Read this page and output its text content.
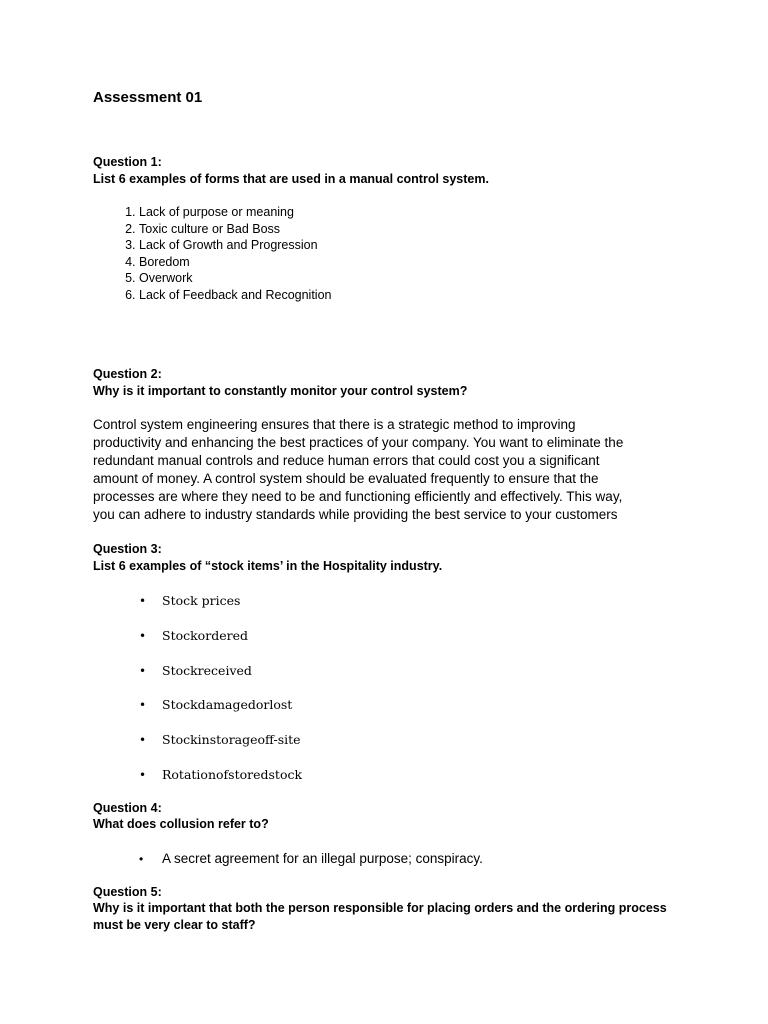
Assessment 01

Question 1:

List 6 examples of forms that are used in a manual control system.

1. Lack of purpose or meaning
2. Toxic culture or Bad Boss
3. Lack of Growth and Progression
4. Boredom
5. Overwork
6. Lack of Feedback and Recognition

Question 2:

Why is it important to constantly monitor your control system?

Control system engineering ensures that there is a strategic method to improving

productivity and enhancing the best practices of your company. You want to eliminate the

redundant manual controls and reduce human errors that could cost you a significant

amount of money. A control system should be evaluated frequently to ensure that the

processes are where they need to be and functioning efficiently and effectively. This way,

you can adhere to industry standards while providing the best service to your customers

Question 3:

List 6 examples of “stock items’ in the Hospitality industry.

• Stock prices
• Stockordered
• Stockreceived
• Stockdamagedorlost
• Stockinstorageoff-site
• Rotationofstoredstock

Question 4:

What does collusion refer to?

• A secret agreement for an illegal purpose; conspiracy.

Question 5:

Why is it important that both the person responsible for placing orders and the ordering process

must be very clear to staff?
